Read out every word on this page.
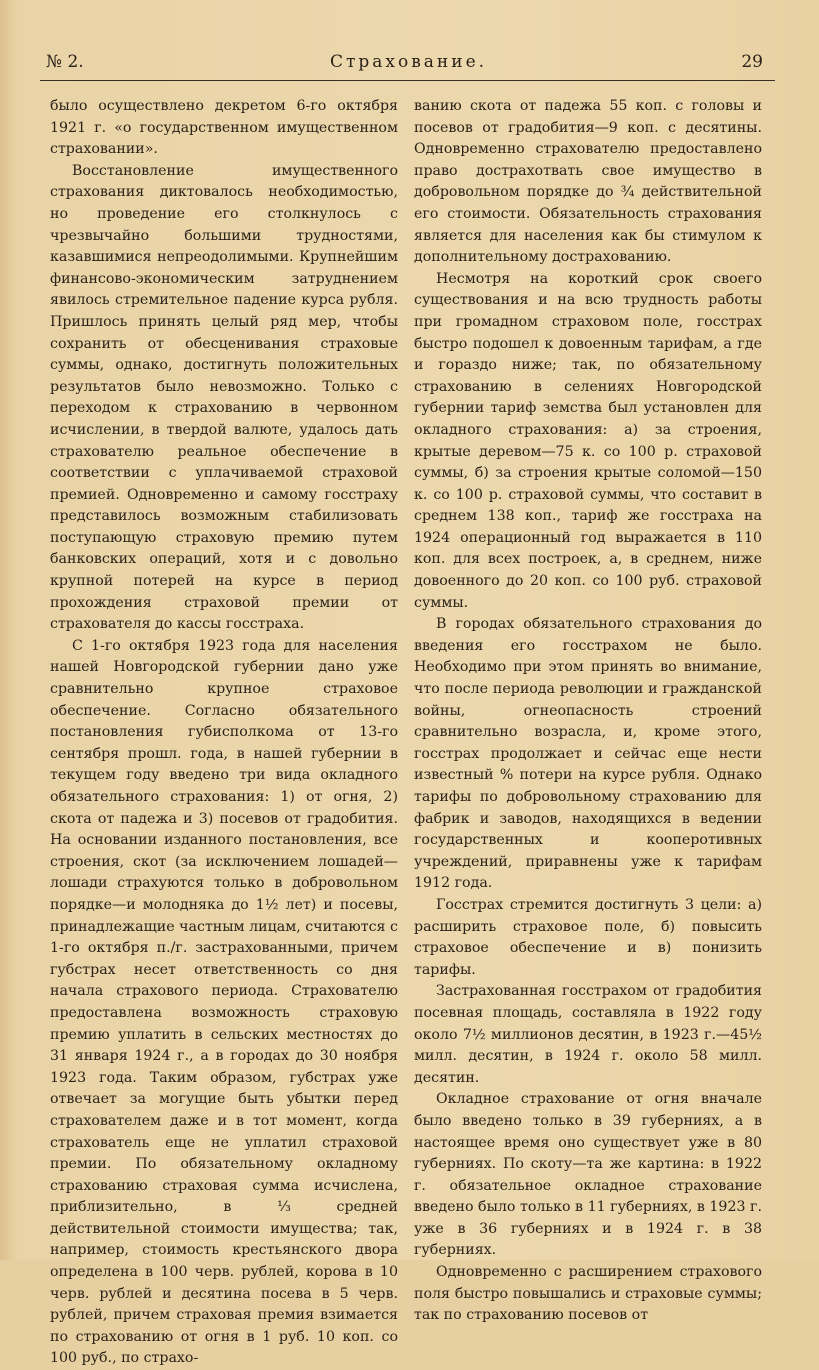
№ 2.	Страхование.	29

было осуществлено декретом 6-го октября 1921 г. «о государственном имущественном страховании».

Восстановление имущественного страхования диктовалось необходимостью, но проведение его столкнулось с чрезвычайно большими трудностями, казавшимися непреодолимыми. Крупнейшим финансово-экономическим затруднением явилось стремительное падение курса рубля. Пришлось принять целый ряд мер, чтобы сохранить от обесценивания страховые суммы, однако, достигнуть положительных результатов было невозможно. Только с переходом к страхованию в червонном исчислении, в твердой валюте, удалось дать страхователю реальное обеспечение в соответствии с уплачиваемой страховой премией. Одновременно и самому госстраху представилось возможным стабилизовать поступающую страховую премию путем банковских операций, хотя и с довольно крупной потерей на курсе в период прохождения страховой премии от страхователя до кассы госстраха.

С 1-го октября 1923 года для населения нашей Новгородской губернии дано уже сравнительно крупное страховое обеспечение. Согласно обязательного постановления губисполкома от 13-го сентября прошл. года, в нашей губернии в текущем году введено три вида окладного обязательного страхования: 1) от огня, 2) скота от падежа и 3) посевов от градобития. На основании изданного постановления, все строения, скот (за исключением лошадей—лошади страхуются только в добровольном порядке—и молодняка до 1½ лет) и посевы, принадлежащие частным лицам, считаются с 1-го октября п./г. застрахованными, причем губстрах несет ответственность со дня начала страхового периода. Страхователю предоставлена возможность страховую премию уплатить в сельских местностях до 31 января 1924 г., а в городах до 30 ноября 1923 года. Таким образом, губстрах уже отвечает за могущие быть убытки перед страхователем даже и в тот момент, когда страхователь еще не уплатил страховой премии. По обязательному окладному страхованию страховая сумма исчислена, приблизительно, в ⅓ средней действительной стоимости имущества; так, например, стоимость крестьянского двора определена в 100 черв. рублей, корова в 10 черв. рублей и десятина посева в 5 черв. рублей, причем страховая премия взимается по страхованию от огня в 1 руб. 10 коп. со 100 руб., по страхо-

ванию скота от падежа 55 коп. с головы и посевов от градобития—9 коп. с десятины. Одновременно страхователю предоставлено право дострахотвать свое имущество в добровольном порядке до ¾ действительной его стоимости. Обязательность страхования является для населения как бы стимулом к дополнительному дострахованию.

Несмотря на короткий срок своего существования и на всю трудность работы при громадном страховом поле, госстрах быстро подошел к довоенным тарифам, а где и гораздо ниже; так, по обязательному страхованию в селениях Новгородской губернии тариф земства был установлен для окладного страхования: а) за строения, крытые деревом—75 к. со 100 р. страховой суммы, б) за строения крытые соломой—150 к. со 100 р. страховой суммы, что составит в среднем 138 коп., тариф же госстраха на 1924 операционный год выражается в 110 коп. для всех построек, а, в среднем, ниже довоенного до 20 коп. со 100 руб. страховой суммы.

В городах обязательного страхования до введения его госстрахом не было. Необходимо при этом принять во внимание, что после периода революции и гражданской войны, огнеопасность строений сравнительно возрасла, и, кроме этого, госстрах продолжает и сейчас еще нести известный % потери на курсе рубля. Однако тарифы по добровольному страхованию для фабрик и заводов, находящихся в ведении государственных и кооперотивных учреждений, приравнены уже к тарифам 1912 года.

Госстрах стремится достигнуть 3 цели: а) расширить страховое поле, б) повысить страховое обеспечение и в) понизить тарифы.

Застрахованная госстрахом от градобития посевная площадь, составляла в 1922 году около 7½ миллионов десятин, в 1923 г.—45½ милл. десятин, в 1924 г. около 58 милл. десятин.

Окладное страхование от огня вначале было введено только в 39 губерниях, а в настоящее время оно существует уже в 80 губерниях. По скоту—та же картина: в 1922 г. обязательное окладное страхование введено было только в 11 губерниях, в 1923 г. уже в 36 губерниях и в 1924 г. в 38 губерниях.

Одновременно с расширением страхового поля быстро повышались и страховые суммы; так по страхованию посевов от
